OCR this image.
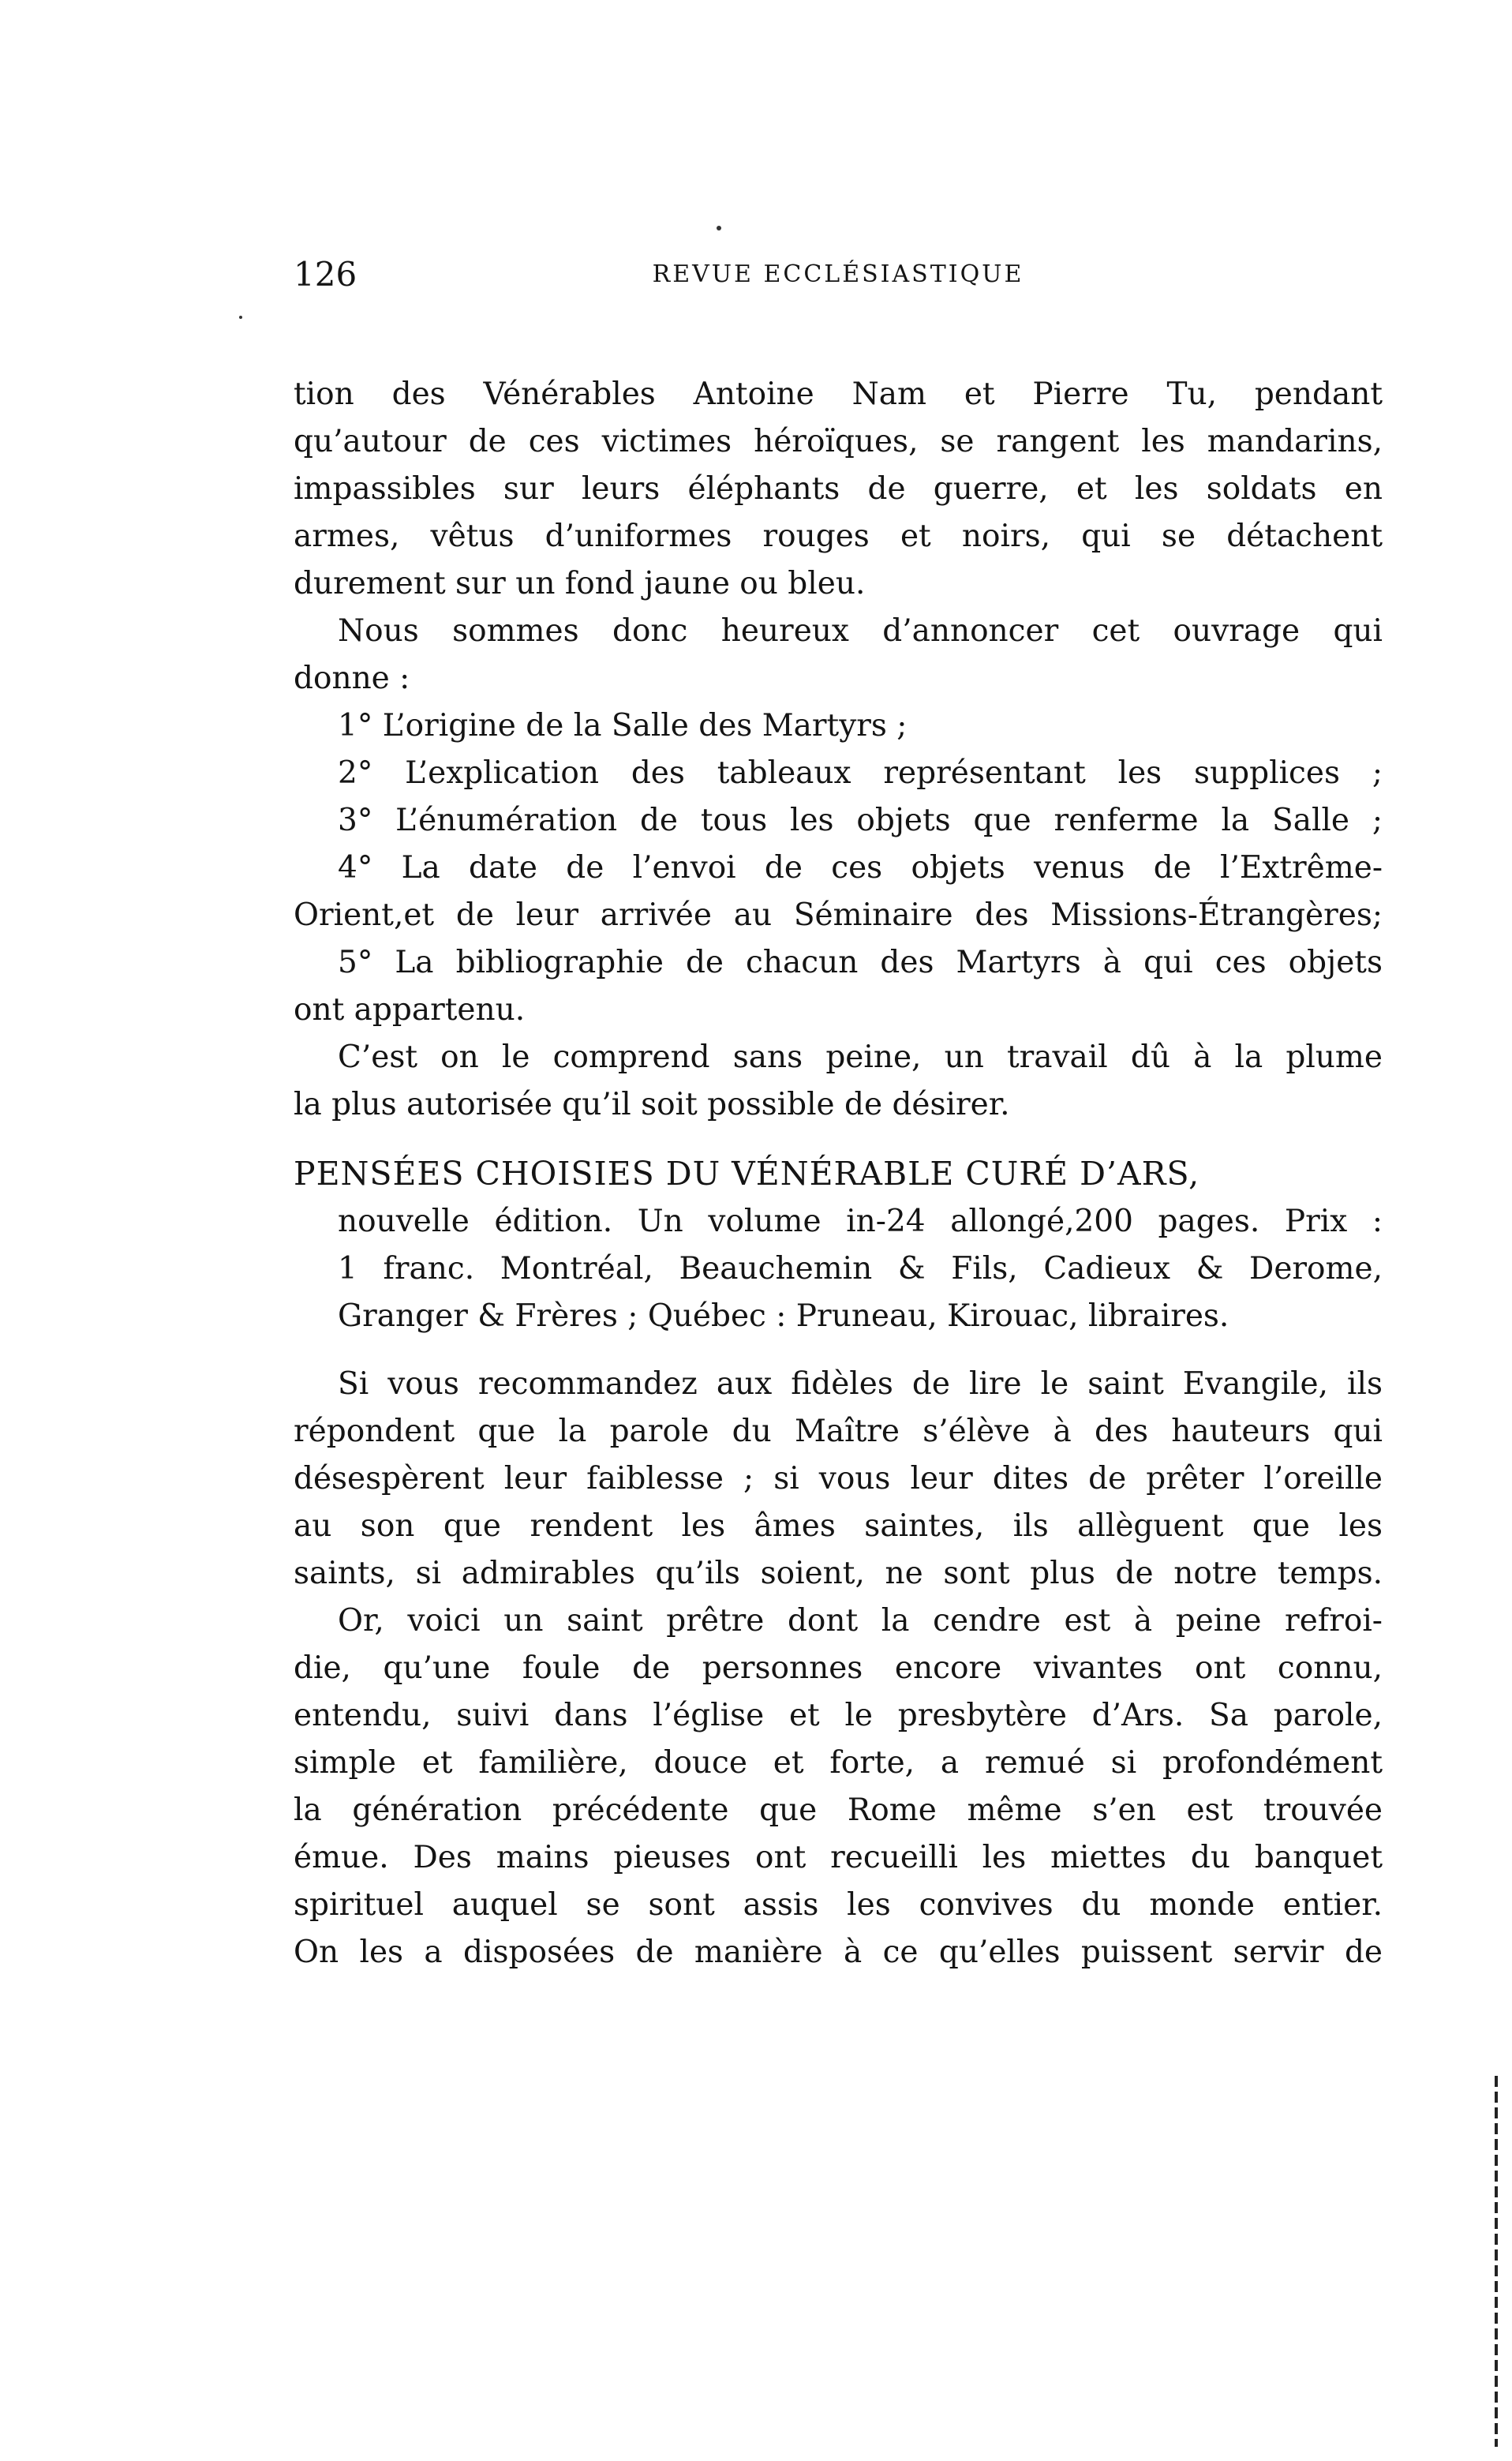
126	REVUE ECCLÉSIASTIQUE
tion des Vénérables Antoine Nam et Pierre Tu, pendant
qu’autour de ces victimes héroïques, se rangent les mandarins,
impassibles sur leurs éléphants de guerre, et les soldats en
armes, vêtus d’uniformes rouges et noirs, qui se détachent
durement sur un fond jaune ou bleu.
Nous sommes donc heureux d’annoncer cet ouvrage qui
donne :
1° L’origine de la Salle des Martyrs ;
2° L’explication des tableaux représentant les supplices ;
3° L’énumération de tous les objets que renferme la Salle ;
4° La date de l’envoi de ces objets venus de l’Extrême-
Orient,et de leur arrivée au Séminaire des Missions-Étrangères;
5° La bibliographie de chacun des Martyrs à qui ces objets
ont appartenu.
C’est on le comprend sans peine, un travail dû à la plume
la plus autorisée qu’il soit possible de désirer.
PENSÉES CHOISIES DU VÉNÉRABLE CURÉ D’ARS,
nouvelle édition. Un volume in-24 allongé,200 pages. Prix :
1 franc. Montréal, Beauchemin & Fils, Cadieux & Derome,
Granger & Frères ; Québec : Pruneau, Kirouac, libraires.
Si vous recommandez aux fidèles de lire le saint Evangile, ils
répondent que la parole du Maître s’élève à des hauteurs qui
désespèrent leur faiblesse ; si vous leur dites de prêter l’oreille
au son que rendent les âmes saintes, ils allèguent que les
saints, si admirables qu’ils soient, ne sont plus de notre temps.
Or, voici un saint prêtre dont la cendre est à peine refroi-
die, qu’une foule de personnes encore vivantes ont connu,
entendu, suivi dans l’église et le presbytère d’Ars. Sa parole,
simple et familière, douce et forte, a remué si profondément
la génération précédente que Rome même s’en est trouvée
émue. Des mains pieuses ont recueilli les miettes du banquet
spirituel auquel se sont assis les convives du monde entier.
On les a disposées de manière à ce qu’elles puissent servir de
